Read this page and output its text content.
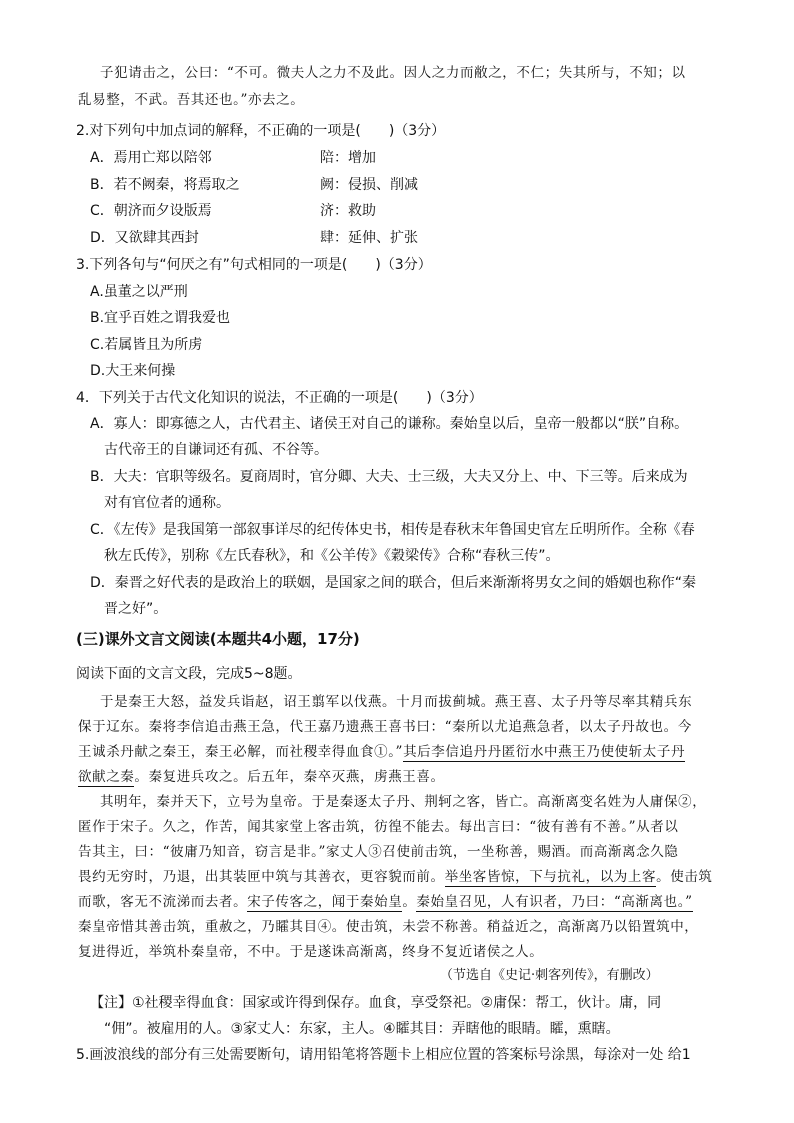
子犯请击之，公曰：“不可。微夫人之力不及此。因人之力而敝之，不仁；失其所与，不知；以
乱易整，不武。吾其还也。”亦去之。
2.对下列句中加点词的解释，不正确的一项是(　　)（3分）
A．焉用亡郑以陪邻	陪：增加
B．若不阙秦，将焉取之	阙：侵损、削减
C．朝济而夕设版焉	济：救助
D．又欲肆其西封	肆：延伸、扩张
3.下列各句与“何厌之有”句式相同的一项是(　　)（3分）
A.虽董之以严刑
B.宜乎百姓之谓我爱也
C.若属皆且为所虏
D.大王来何操
4．下列关于古代文化知识的说法，不正确的一项是(　　)（3分）
A．寡人：即寡德之人，古代君主、诸侯王对自己的谦称。秦始皇以后，皇帝一般都以“朕”自称。
古代帝王的自谦词还有孤、不谷等。
B．大夫：官职等级名。夏商周时，官分卿、大夫、士三级，大夫又分上、中、下三等。后来成为
对有官位者的通称。
C．《左传》是我国第一部叙事详尽的纪传体史书，相传是春秋末年鲁国史官左丘明所作。全称《春
秋左氏传》，别称《左氏春秋》，和《公羊传》《穀梁传》合称“春秋三传”。
D．秦晋之好代表的是政治上的联姻，是国家之间的联合，但后来渐渐将男女之间的婚姻也称作“秦
晋之好”。
(三)课外文言文阅读(本题共4小题，17分)
阅读下面的文言文段，完成5~8题。
于是秦王大怒，益发兵诣赵，诏王翦军以伐燕。十月而拔蓟城。燕王喜、太子丹等尽率其精兵东
保于辽东。秦将李信追击燕王急，代王嘉乃遗燕王喜书曰：“秦所以尤追燕急者，以太子丹故也。今
王诚杀丹献之秦王，秦王必解，而社稷幸得血食①。”其后李信追丹丹匿衍水中燕王乃使使斩太子丹
欲献之秦。秦复进兵攻之。后五年，秦卒灭燕，虏燕王喜。
其明年，秦并天下，立号为皇帝。于是秦逐太子丹、荆轲之客，皆亡。高渐离变名姓为人庸保②，
匿作于宋子。久之，作苦，闻其家堂上客击筑，彷徨不能去。每出言曰：“彼有善有不善。”从者以
告其主，曰：“彼庸乃知音，窃言是非。”家丈人③召使前击筑，一坐称善，赐酒。而高渐离念久隐
畏约无穷时，乃退，出其装匣中筑与其善衣，更容貌而前。举坐客皆惊，下与抗礼，以为上客。使击筑
而歌，客无不流涕而去者。宋子传客之，闻于秦始皇。秦始皇召见，人有识者，乃曰：“高渐离也。”
秦皇帝惜其善击筑，重赦之，乃矐其目④。使击筑，未尝不称善。稍益近之，高渐离乃以铅置筑中，
复进得近，举筑朴秦皇帝，不中。于是遂诛高渐离，终身不复近诸侯之人。
（节选自《史记·刺客列传》，有删改）
【注】①社稷幸得血食：国家或许得到保存。血食，享受祭祀。②庸保：帮工，伙计。庸，同
“佣”。被雇用的人。③家丈人：东家，主人。④矐其目：弄瞎他的眼睛。矐，熏瞎。
5.画波浪线的部分有三处需要断句，请用铅笔将答题卡上相应位置的答案标号涂黑，每涂对一处 给1
